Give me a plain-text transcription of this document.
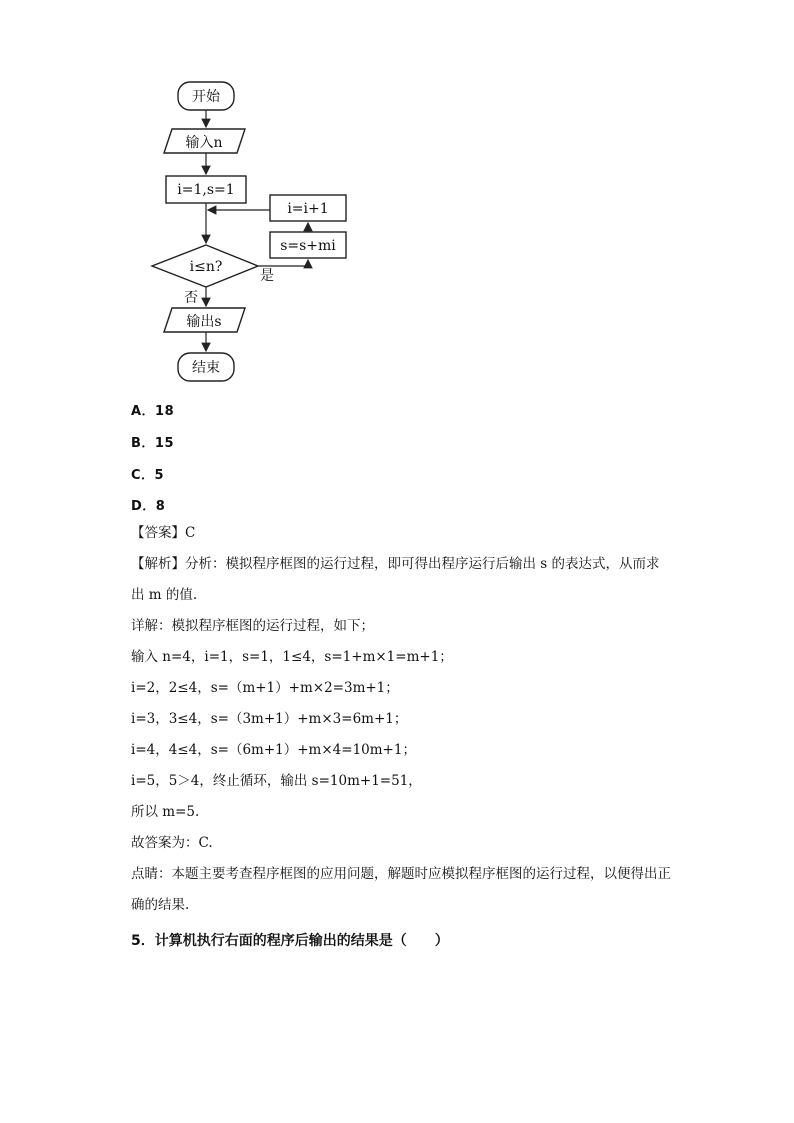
开始
输入n
i=1,s=1
i=i+1
s=s+mi
i≤n?
是
否
输出s
结束
A．18
B．15
C．5
D．8
【答案】C
【解析】分析：模拟程序框图的运行过程，即可得出程序运行后输出 s 的表达式，从而求出 m 的值.
详解：模拟程序框图的运行过程，如下；
输入 n=4，i=1，s=1，1≤4，s=1+m×1=m+1；
i=2，2≤4，s=（m+1）+m×2=3m+1；
i=3，3≤4，s=（3m+1）+m×3=6m+1；
i=4，4≤4，s=（6m+1）+m×4=10m+1；
i=5，5＞4，终止循环，输出 s=10m+1=51，
所以 m=5.
故答案为：C.
点睛：本题主要考查程序框图的应用问题，解题时应模拟程序框图的运行过程，以便得出正确的结果.
5．计算机执行右面的程序后输出的结果是（　　）
